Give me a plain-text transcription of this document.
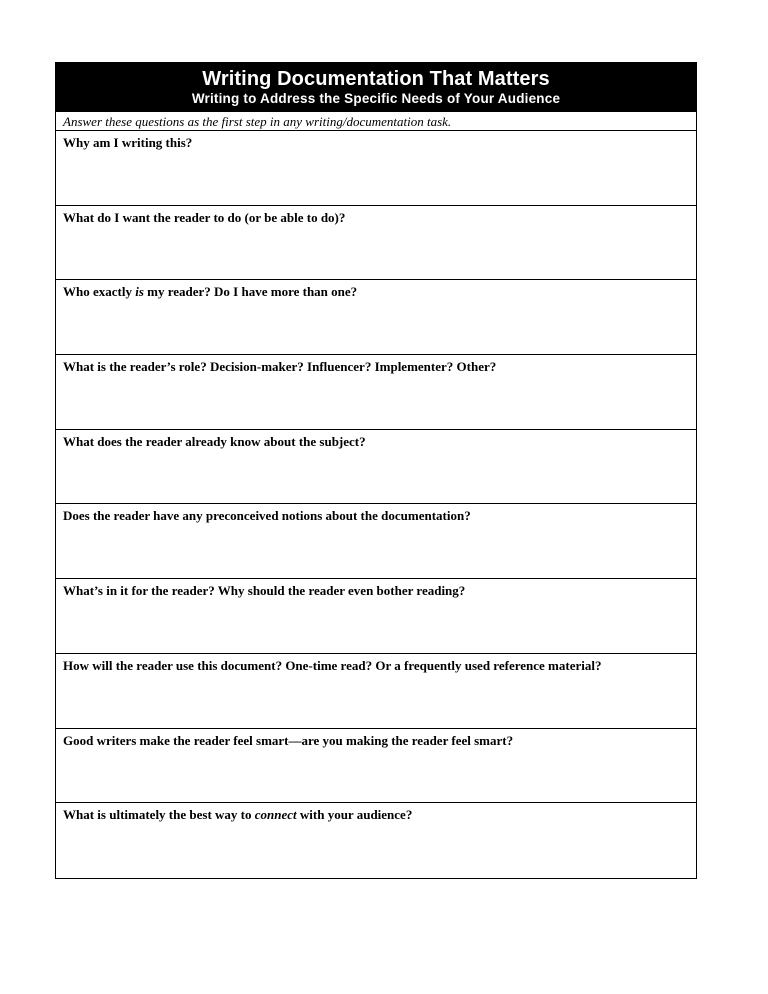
Writing Documentation That Matters
Writing to Address the Specific Needs of Your Audience
Answer these questions as the first step in any writing/documentation task.
Why am I writing this?
What do I want the reader to do (or be able to do)?
Who exactly is my reader? Do I have more than one?
What is the reader’s role? Decision-maker? Influencer? Implementer? Other?
What does the reader already know about the subject?
Does the reader have any preconceived notions about the documentation?
What’s in it for the reader? Why should the reader even bother reading?
How will the reader use this document? One-time read? Or a frequently used reference material?
Good writers make the reader feel smart—are you making the reader feel smart?
What is ultimately the best way to connect with your audience?
